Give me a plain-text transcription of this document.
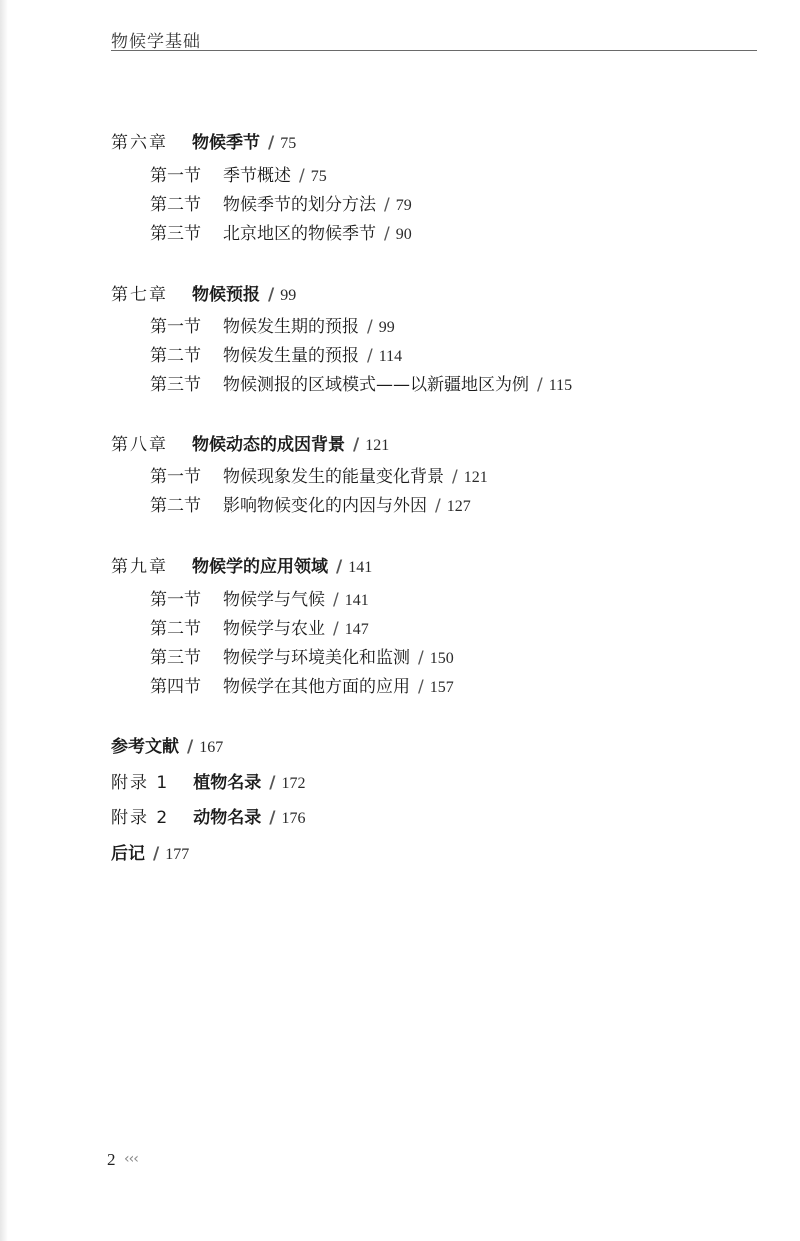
物候学基础
第六章 物候季节 / 75
第一节 季节概述 / 75
第二节 物候季节的划分方法 / 79
第三节 北京地区的物候季节 / 90
第七章 物候预报 / 99
第一节 物候发生期的预报 / 99
第二节 物候发生量的预报 / 114
第三节 物候测报的区域模式——以新疆地区为例 / 115
第八章 物候动态的成因背景 / 121
第一节 物候现象发生的能量变化背景 / 121
第二节 影响物候变化的内因与外因 / 127
第九章 物候学的应用领域 / 141
第一节 物候学与气候 / 141
第二节 物候学与农业 / 147
第三节 物候学与环境美化和监测 / 150
第四节 物候学在其他方面的应用 / 157
参考文献 / 167
附录 1 植物名录 / 172
附录 2 动物名录 / 176
后记 / 177
2 ‹‹‹
